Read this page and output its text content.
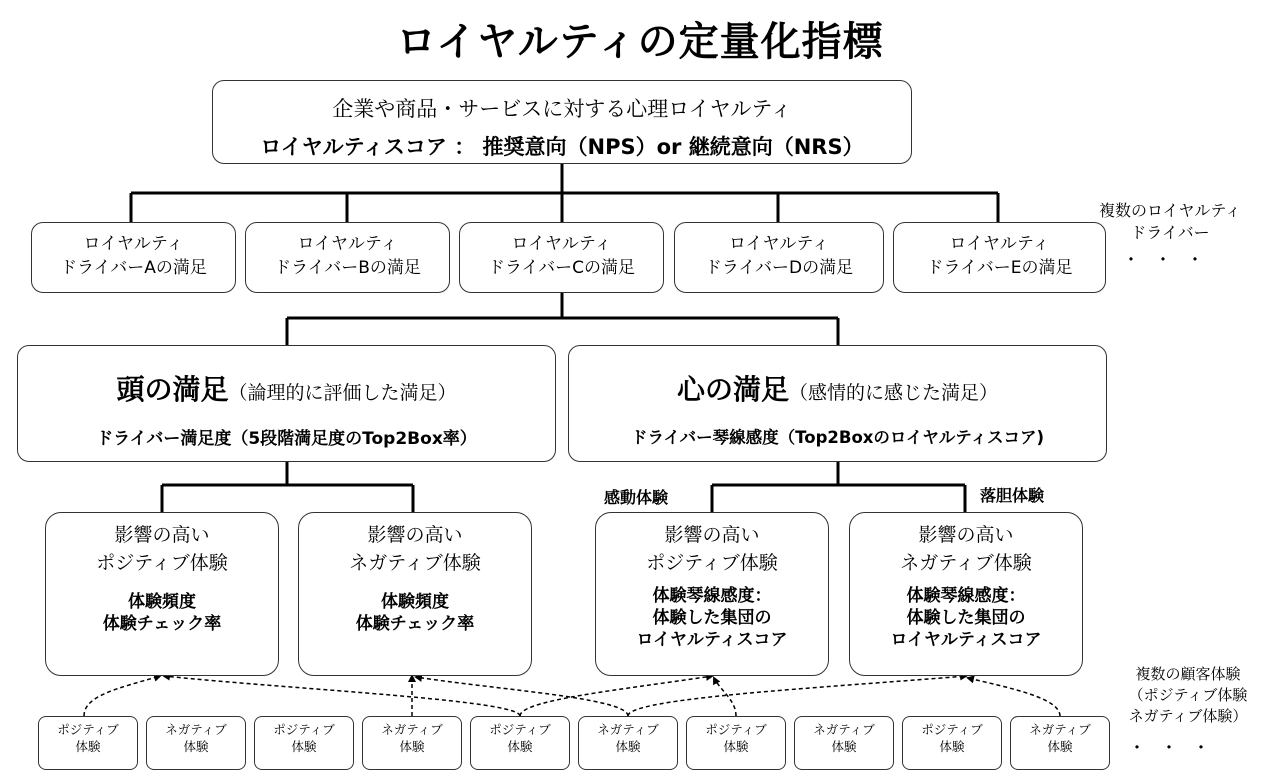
ロイヤルティの定量化指標
企業や商品・サービスに対する心理ロイヤルティ
ロイヤルティスコア ： 推奨意向（NPS）or 継続意向（NRS）
ロイヤルティ
ドライバーAの満足
ロイヤルティ
ドライバーBの満足
ロイヤルティ
ドライバーCの満足
ロイヤルティ
ドライバーDの満足
ロイヤルティ
ドライバーEの満足
複数のロイヤルティ
ドライバー
・・・
頭の満足（論理的に評価した満足）
ドライバー満足度（5段階満足度のTop2Box率）
心の満足（感情的に感じた満足）
ドライバー琴線感度（Top2Boxのロイヤルティスコア)
感動体験	落胆体験
影響の高い
ポジティブ体験
体験頻度
体験チェック率
影響の高い
ネガティブ体験
体験頻度
体験チェック率
影響の高い
ポジティブ体験
体験琴線感度：
体験した集団の
ロイヤルティスコア
影響の高い
ネガティブ体験
体験琴線感度：
体験した集団の
ロイヤルティスコア
複数の顧客体験
（ポジティブ体験
ネガティブ体験）
・・・
ポジティブ
体験
ネガティブ
体験
ポジティブ
体験
ネガティブ
体験
ポジティブ
体験
ネガティブ
体験
ポジティブ
体験
ネガティブ
体験
ポジティブ
体験
ネガティブ
体験
